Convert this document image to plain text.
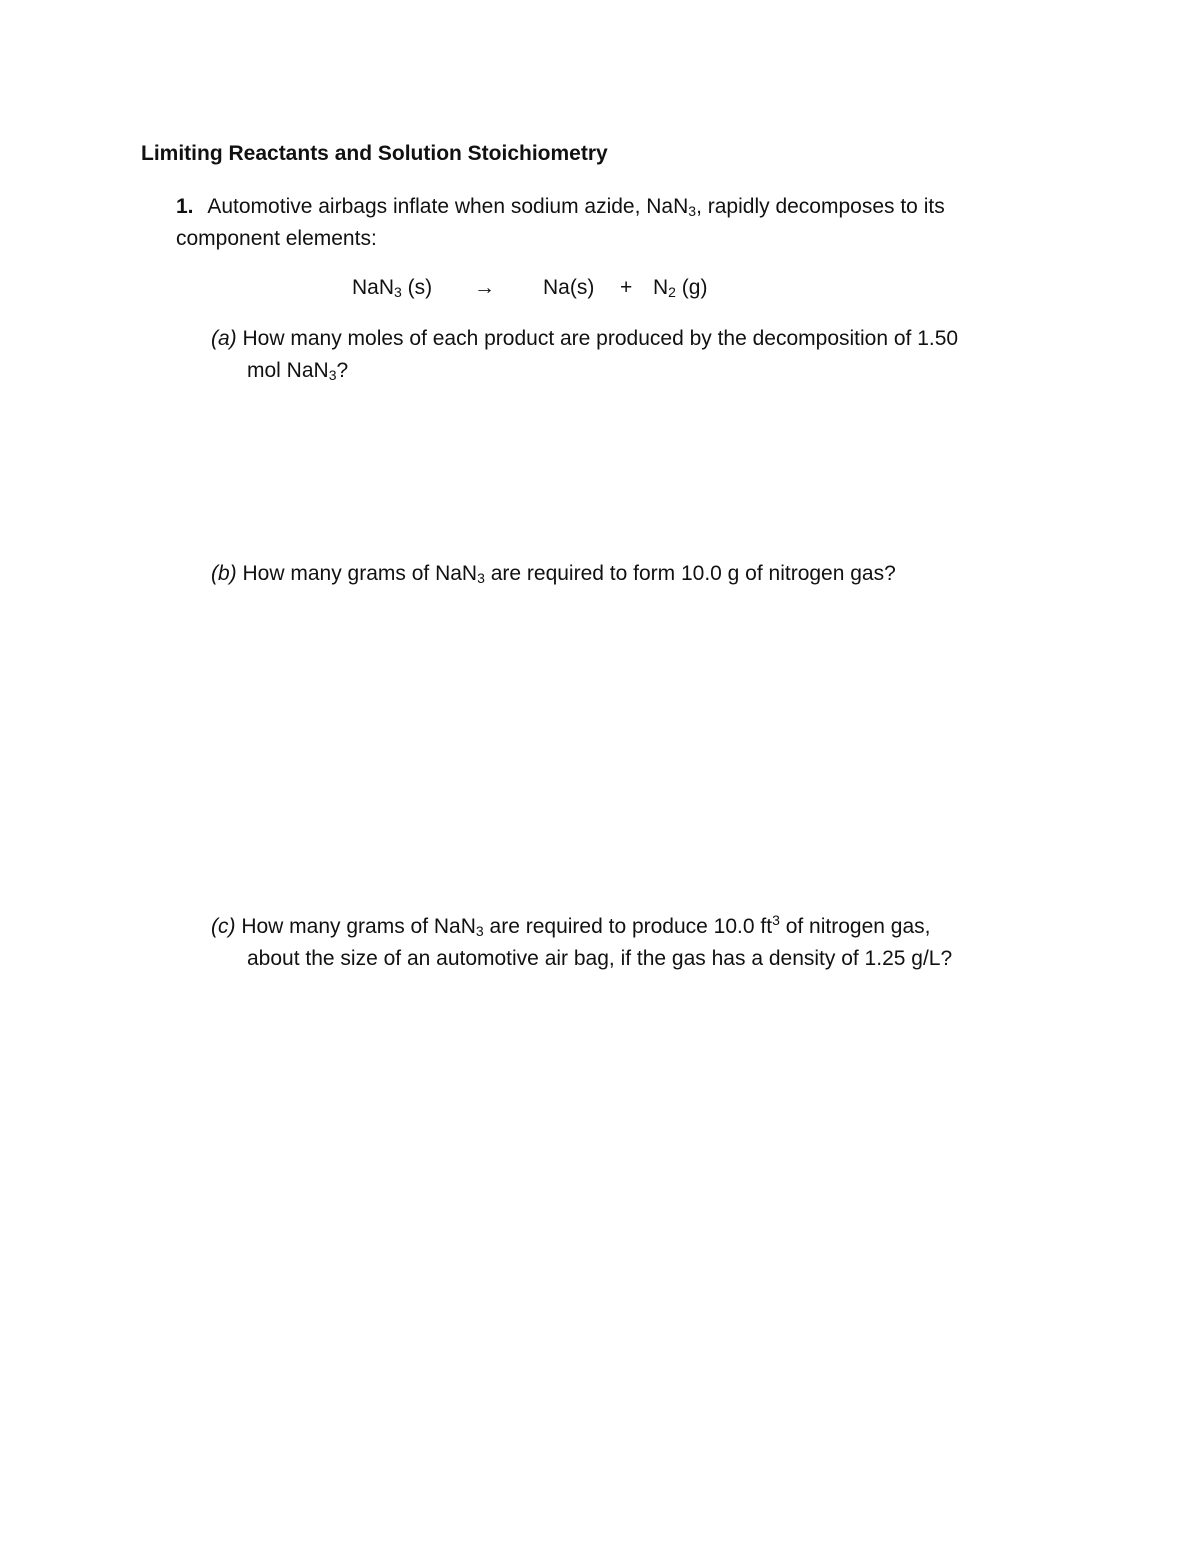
Limiting Reactants and Solution Stoichiometry
1. Automotive airbags inflate when sodium azide, NaN$_3$, rapidly decomposes to its
component elements:
NaN$_3$ $(s) \to Na(s) + N_2$ (g)
(a) How many moles of each product are produced by the decomposition of 1.50
mol NaN$_3$?
(b) How many grams of NaN$_3$ are required to form 10.0 g of nitrogen gas?
(c) How many grams of NaN$_3$ are required to produce 10.0 $ft^3$ of nitrogen gas,
about the size of an automotive air bag, if the gas has a density of 1.25 g/L?
